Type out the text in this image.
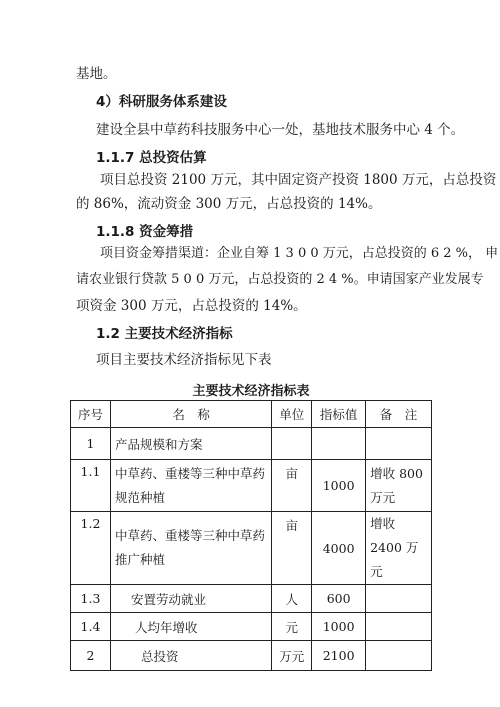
基地。
4）科研服务体系建设
建设全县中草药科技服务中心一处，基地技术服务中心 4 个。
1.1.7 总投资估算
项目总投资 2100 万元，其中固定资产投资 1800 万元，占总投资
的 86%，流动资金 300 万元，占总投资的 14%。
1.1.8 资金筹措
项目资金筹措渠道：企业自筹 1 3 0 0 万元，占总投资的 6 2 %， 申
请农业银行贷款 5 0 0 万元，占总投资的 2 4 %。申请国家产业发展专
项资金 300 万元，占总投资的 14%。
1.2 主要技术经济指标
项目主要技术经济指标见下表
主要技术经济指标表
序号	名　称	单位	指标值	备　注
1	产品规模和方案			
1.1	中草药、重楼等三种中草药规范种植	亩	1000	增收 800 万元
1.2	中草药、重楼等三种中草药推广种植	亩	4000	增收 2400 万元
1.3	安置劳动就业	人	600	
1.4	人均年增收	元	1000	
2	总投资	万元	2100	
